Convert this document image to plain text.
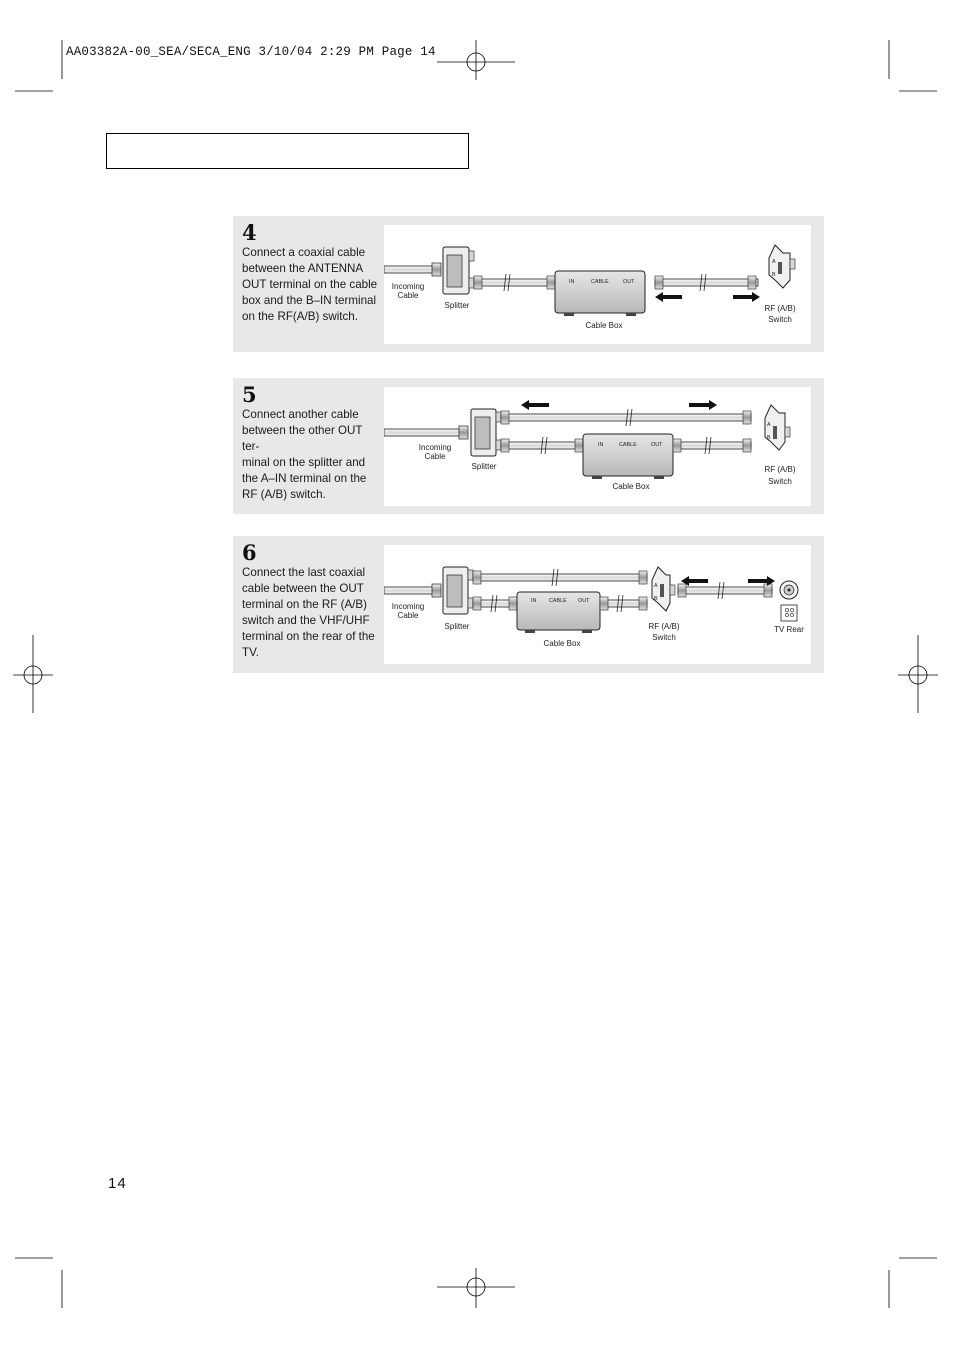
AA03382A-00_SEA/SECA_ENG 3/10/04 2:29 PM Page 14
4
Connect a coaxial cable
between the ANTENNA
OUT terminal on the cable
box and the B–IN terminal
on the RF(A/B) switch.
IN	CABLE	OUT
A
B
Incoming
Cable
Splitter
Cable Box
RF (A/B)
Switch
5
Connect another cable
between the other OUT ter-
minal on the splitter and
the A–IN terminal on the
RF (A/B) switch.
IN	CABLE	OUT
A
B
Incoming
Cable
Splitter
Cable Box
RF (A/B)
Switch
6
Connect the last coaxial
cable between the OUT
terminal on the RF (A/B)
switch and the VHF/UHF
terminal on the rear of the
TV.
IN CABLE OUT
A
B
Incoming
Cable
Splitter
Cable Box
RF (A/B)
Switch
TV Rear
14
